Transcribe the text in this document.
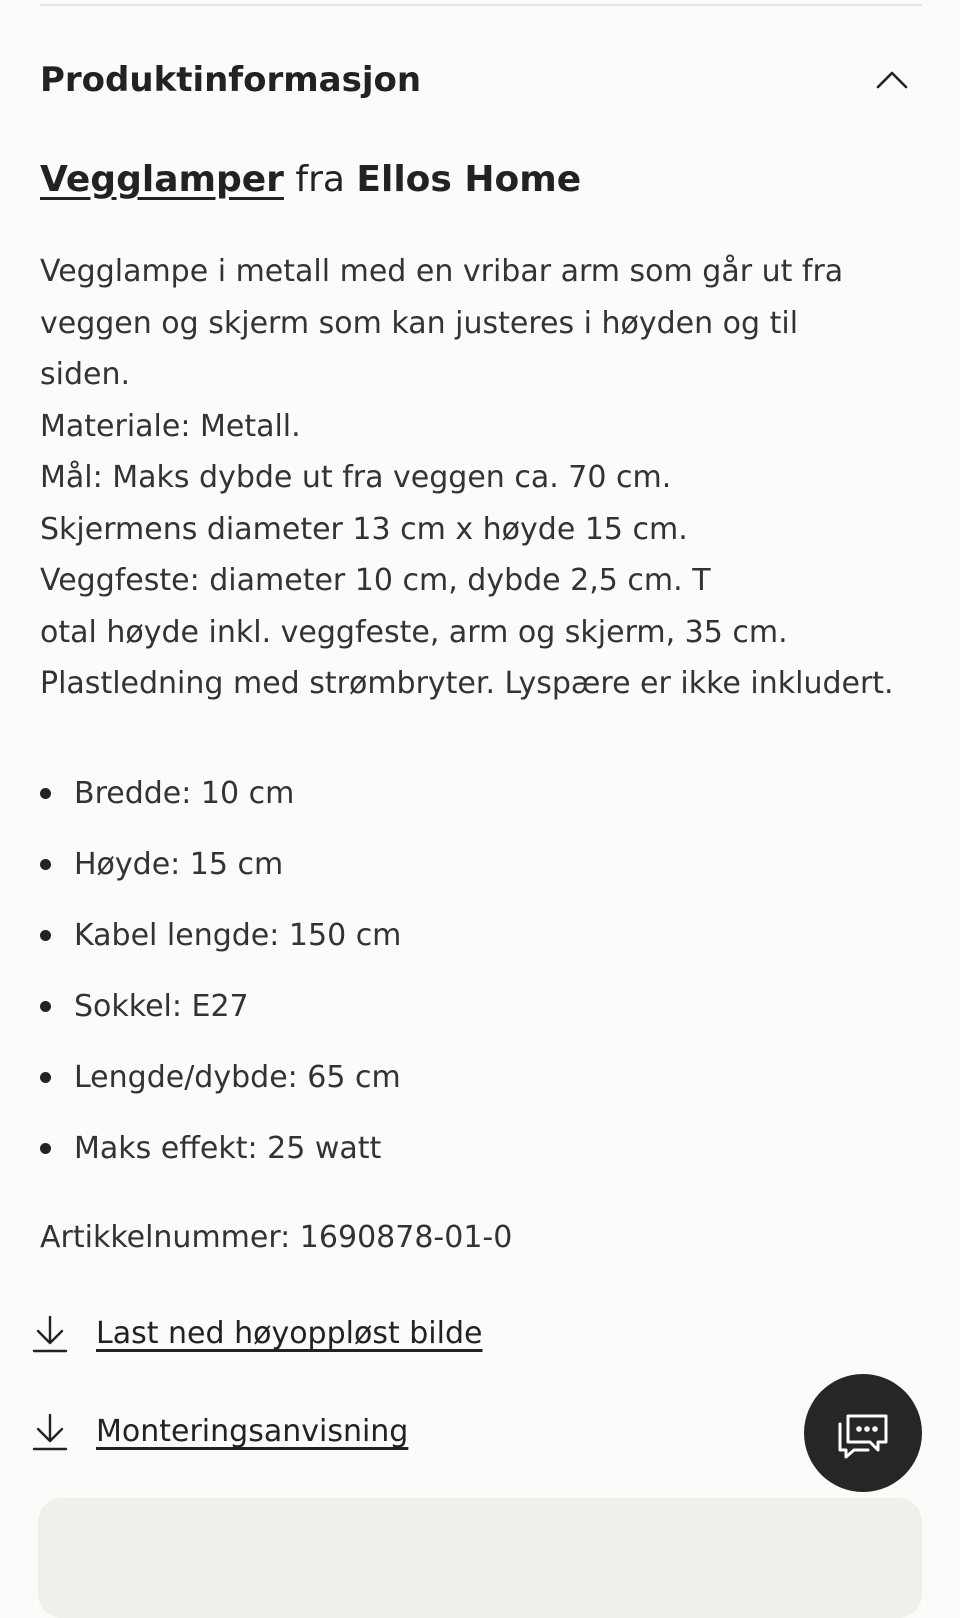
Produktinformasjon
Vegglamper fra Ellos Home
Vegglampe i metall med en vribar arm som går ut fra
veggen og skjerm som kan justeres i høyden og til
siden.
Materiale: Metall.
Mål: Maks dybde ut fra veggen ca. 70 cm.
Skjermens diameter 13 cm x høyde 15 cm.
Veggfeste: diameter 10 cm, dybde 2,5 cm. T
otal høyde inkl. veggfeste, arm og skjerm, 35 cm.
Plastledning med strømbryter. Lyspære er ikke inkludert.
Bredde: 10 cm
Høyde: 15 cm
Kabel lengde: 150 cm
Sokkel: E27
Lengde/dybde: 65 cm
Maks effekt: 25 watt
Artikkelnummer: 1690878-01-0
Last ned høyoppløst bilde
Monteringsanvisning
